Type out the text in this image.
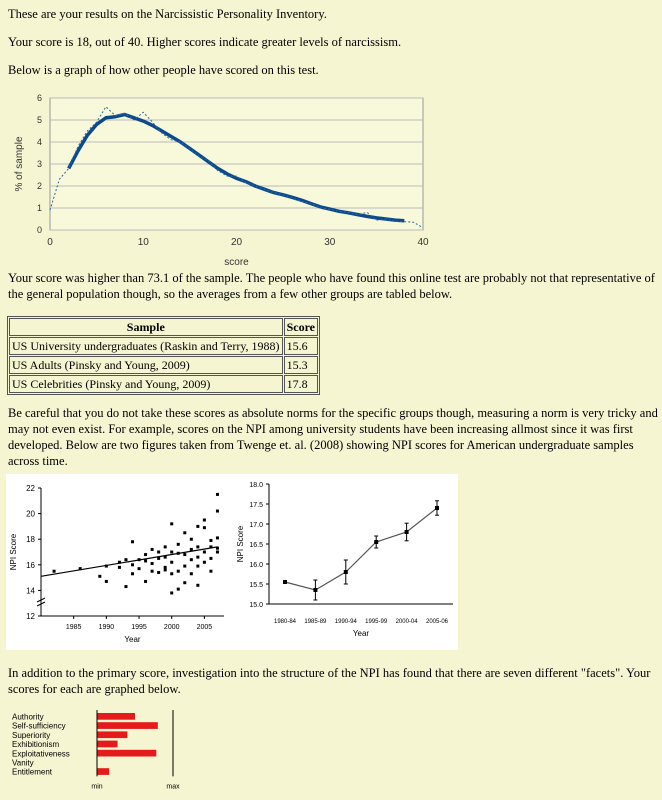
These are your results on the Narcissistic Personality Inventory.

Your score is 18, out of 40. Higher scores indicate greater levels of narcissism.

Below is a graph of how other people have scored on this test.

0
1
2
3
4
5
6
0	10	20	30	40
score
% of sample

Your score was higher than 73.1 of the sample. The people who have found this online test are probably not that representative of the general population though, so the averages from a few other groups are tabled below.

Sample	Score
US University undergraduates (Raskin and Terry, 1988)	15.6
US Adults (Pinsky and Young, 2009)	15.3
US Celebrities (Pinsky and Young, 2009)	17.8

Be careful that you do not take these scores as absolute norms for the specific groups though, measuring a norm is very tricky and may not even exist. For example, scores on the NPI among university students have been increasing allmost since it was first developed. Below are two figures taken from Twenge et. al. (2008) showing NPI scores for American undergraduate samples across time.

12
14
16
18
20
22
1985 1990 1995 2000 2005
Year
NPI Score
15.0
15.5
16.0
16.5
17.0
17.5
18.0
1980-84 1985-89 1990-94 1995-99 2000-04 2005-06
Year
NPI Score

In addition to the primary score, investigation into the structure of the NPI has found that there are seven different "facets". Your scores for each are graphed below.

Authority
Self-sufficiency
Superiority
Exhibitionism
Exploitativeness
Vanity
Entitlement
min	max
